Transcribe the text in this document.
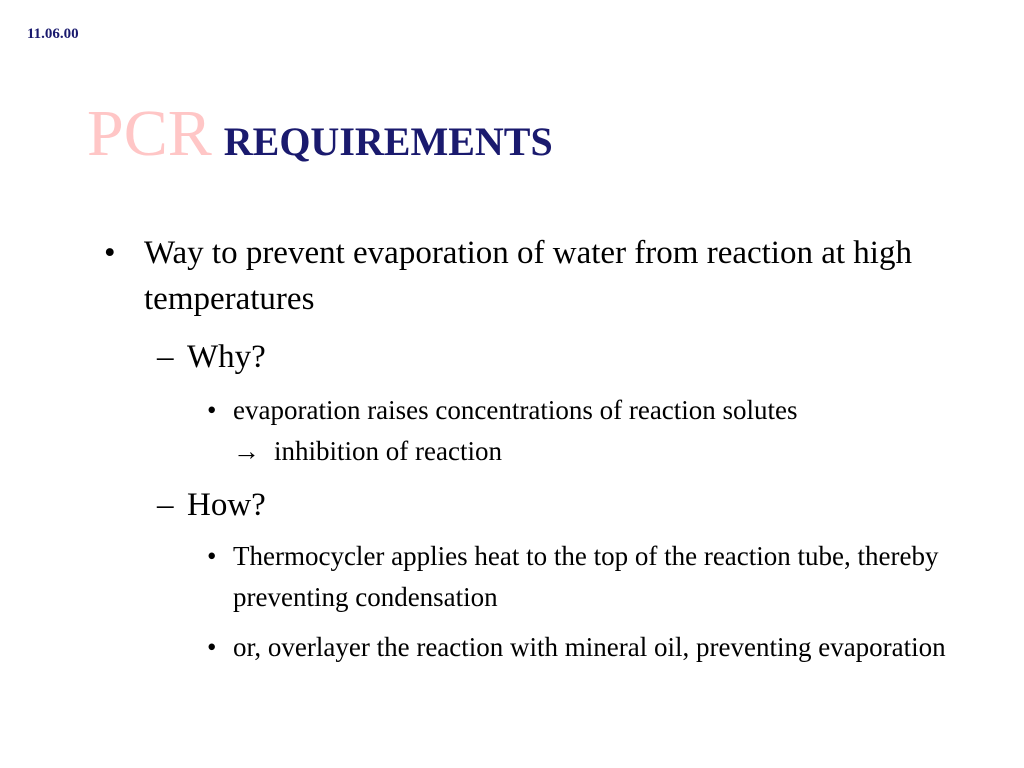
11.06.00
PCR REQUIREMENTS
• Way to prevent evaporation of water from reaction at high temperatures
– Why?
• evaporation raises concentrations of reaction solutes
→ inhibition of reaction
– How?
• Thermocycler applies heat to the top of the reaction tube, thereby preventing condensation
• or, overlayer the reaction with mineral oil, preventing evaporation
